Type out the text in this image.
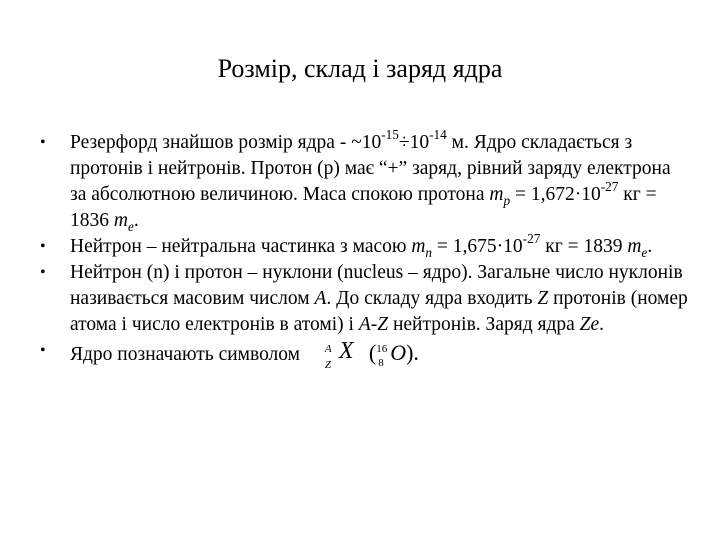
Розмір, склад і заряд ядра
•	Резерфорд знайшов розмір ядра - $\sim 10^{-15}\div 10^{-14}$ м. Ядро складається з протонів і нейтронів. Протон (p) має “+” заряд, рівний заряду електрона за абсолютною величиною. Маса спокою протона $m_p = 1,672\cdot 10^{-27}$ кг = 1836 $m_e$.
•	Нейтрон – нейтральна частинка з масою $m_n = 1,675\cdot 10^{-27}$ кг = 1839 $m_e$.
•	Нейтрон (n) і протон – нуклони (nucleus – ядро). Загальне число нуклонів називається масовим числом A. До складу ядра входить Z протонів (номер атома і число електронів в атомі) і A-Z нейтронів. Заряд ядра Ze.
•	Ядро позначають символом A
Z
X ( 16
8 O).
